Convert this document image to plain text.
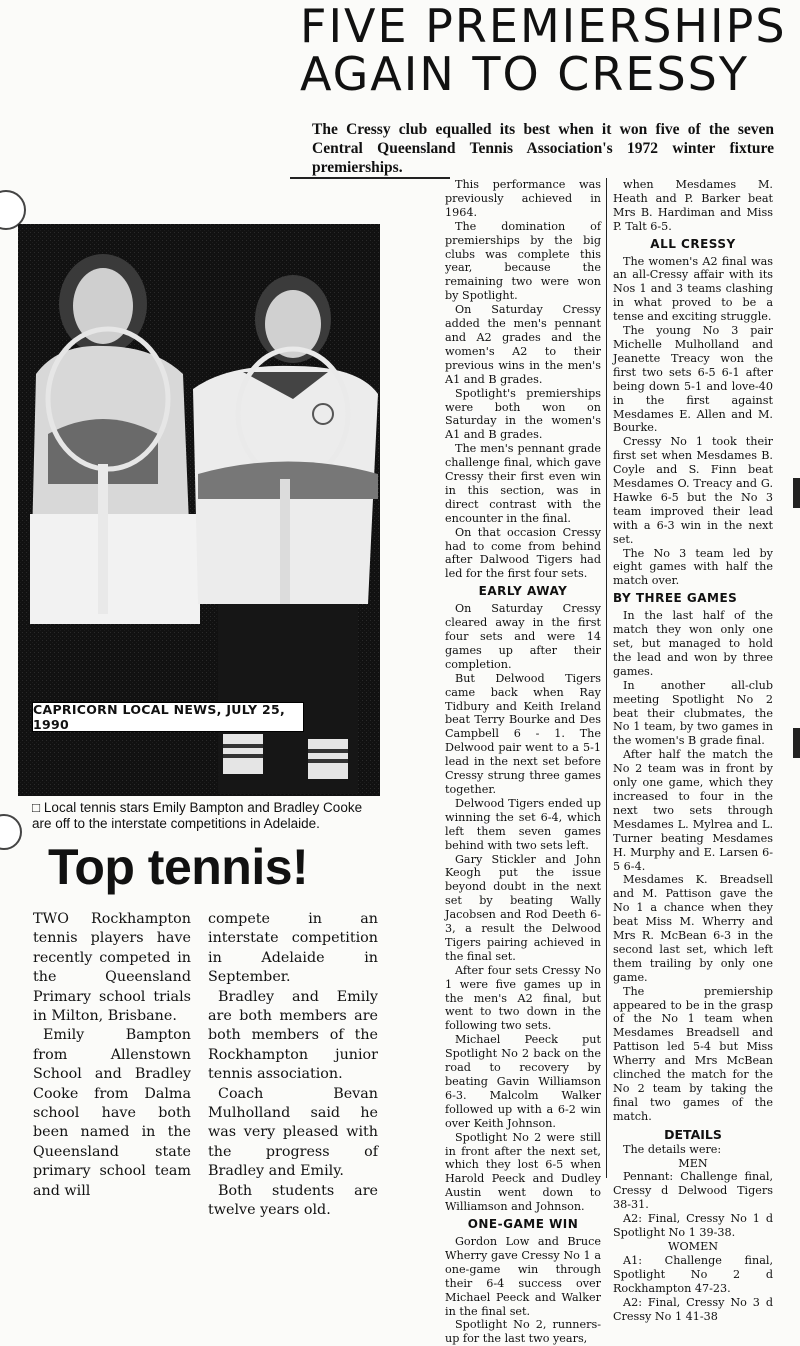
FIVE PREMIERSHIPS
AGAIN TO CRESSY

The Cressy club equalled its best when it won five of the seven Central Queensland Tennis Association's 1972 winter fixture premierships.

This performance was previously achieved in 1964.

The domination of premierships by the big clubs was complete this year, because the remaining two were won by Spotlight.

On Saturday Cressy added the men's pennant and A2 grades and the women's A2 to their previous wins in the men's A1 and B grades.

Spotlight's premierships were both won on Saturday in the women's A1 and B grades.

The men's pennant grade challenge final, which gave Cressy their first even win in this section, was in direct contrast with the encounter in the final.

On that occasion Cressy had to come from behind after Dalwood Tigers had led for the first four sets.

EARLY AWAY

On Saturday Cressy cleared away in the first four sets and were 14 games up after their completion.

But Delwood Tigers came back when Ray Tidbury and Keith Ireland beat Terry Bourke and Des Campbell 6 - 1. The Delwood pair went to a 5-1 lead in the next set before Cressy strung three games together.

Delwood Tigers ended up winning the set 6-4, which left them seven games behind with two sets left.

Gary Stickler and John Keogh put the issue beyond doubt in the next set by beating Wally Jacobsen and Rod Deeth 6-3, a result the Delwood Tigers pairing achieved in the final set.

After four sets Cressy No 1 were five games up in the men's A2 final, but went to two down in the following two sets.

Michael Peeck put Spotlight No 2 back on the road to recovery by beating Gavin Williamson 6-3. Malcolm Walker followed up with a 6-2 win over Keith Johnson.

Spotlight No 2 were still in front after the next set, which they lost 6-5 when Harold Peeck and Dudley Austin went down to Williamson and Johnson.

ONE-GAME WIN

Gordon Low and Bruce Wherry gave Cressy No 1 a one-game win through their 6-4 success over Michael Peeck and Walker in the final set.

Spotlight No 2, runners-up for the last two years,

when Mesdames M. Heath and P. Barker beat Mrs B. Hardiman and Miss P. Talt 6-5.

ALL CRESSY

The women's A2 final was an all-Cressy affair with its Nos 1 and 3 teams clashing in what proved to be a tense and exciting struggle.

The young No 3 pair Michelle Mulholland and Jeanette Treacy won the first two sets 6-5 6-1 after being down 5-1 and love-40 in the first against Mesdames E. Allen and M. Bourke.

Cressy No 1 took their first set when Mesdames B. Coyle and S. Finn beat Mesdames O. Treacy and G. Hawke 6-5 but the No 3 team improved their lead with a 6-3 win in the next set.

The No 3 team led by eight games with half the match over.

BY THREE GAMES

In the last half of the match they won only one set, but managed to hold the lead and won by three games.

In another all-club meeting Spotlight No 2 beat their clubmates, the No 1 team, by two games in the women's B grade final.

After half the match the No 2 team was in front by only one game, which they increased to four in the next two sets through Mesdames L. Mylrea and L. Turner beating Mesdames H. Murphy and E. Larsen 6-5 6-4.

Mesdames K. Breadsell and M. Pattison gave the No 1 a chance when they beat Miss M. Wherry and Mrs R. McBean 6-3 in the second last set, which left them trailing by only one game.

The premiership appeared to be in the grasp of the No 1 team when Mesdames Breadsell and Pattison led 5-4 but Miss Wherry and Mrs McBean clinched the match for the No 2 team by taking the final two games of the match.

DETAILS

The details were:

MEN

Pennant: Challenge final, Cressy d Delwood Tigers 38-31.

A2: Final, Cressy No 1 d Spotlight No 1 39-38.

WOMEN

A1: Challenge final, Spotlight No 2 d Rockhampton 47-23.

A2: Final, Cressy No 3 d Cressy No 1 41-38

CAPRICORN LOCAL NEWS, JULY 25, 1990

□ Local tennis stars Emily Bampton and Bradley Cooke are off to the interstate competitions in Adelaide.

Top tennis!

TWO Rockhampton tennis players have recently competed in the Queensland Primary school trials in Milton, Brisbane.

Emily Bampton from Allenstown School and Bradley Cooke from Dalma school have both been named in the Queensland state primary school team and will

compete in an interstate competition in Adelaide in September.

Bradley and Emily are both members are both members of the Rockhampton junior tennis association.

Coach Bevan Mulholland said he was very pleased with the progress of Bradley and Emily.

Both students are twelve years old.
